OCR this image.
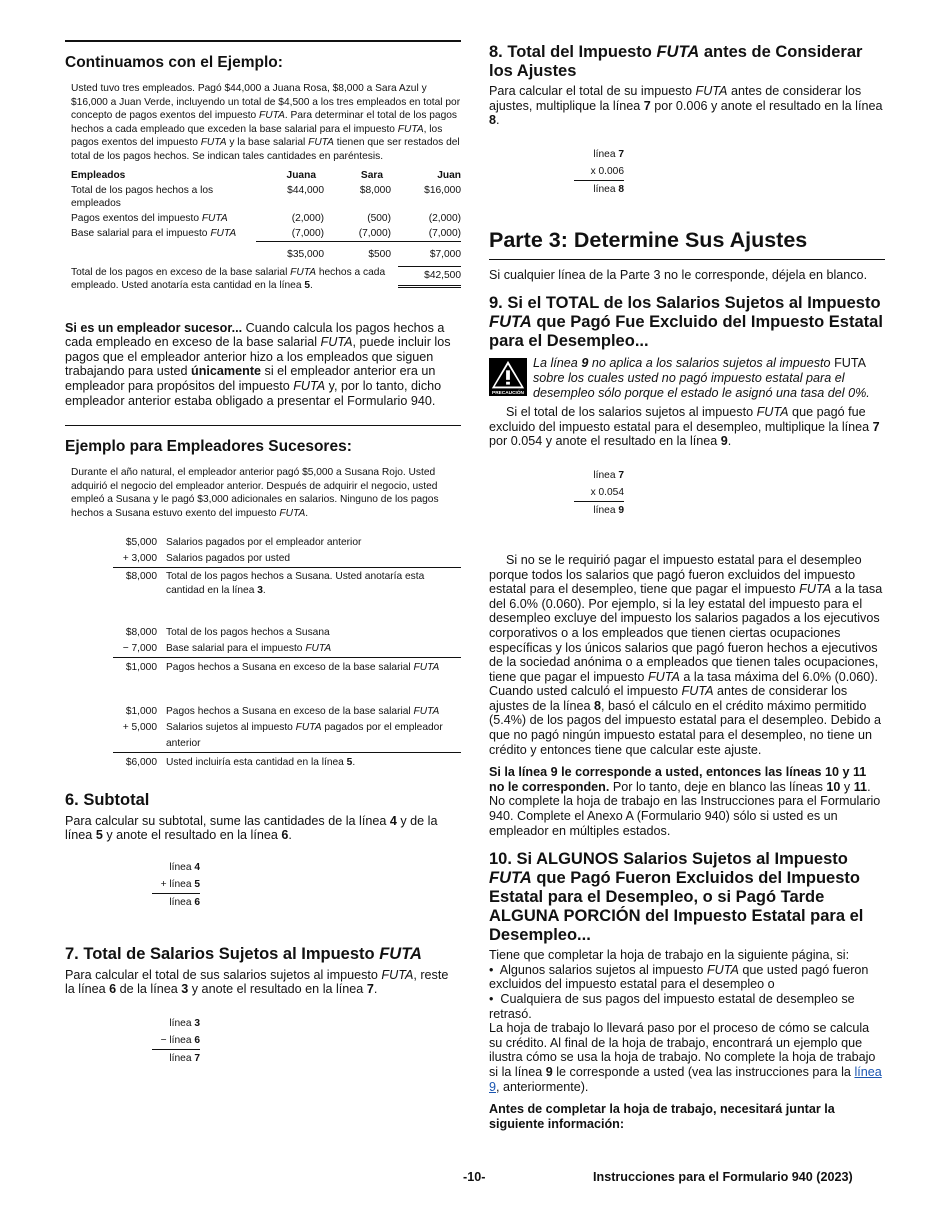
Continuamos con el Ejemplo:

Usted tuvo tres empleados. Pagó $44,000 a Juana Rosa, $8,000 a Sara Azul y $16,000 a Juan Verde, incluyendo un total de $4,500 a los tres empleados en total por concepto de pagos exentos del impuesto FUTA. Para determinar el total de los pagos hechos a cada empleado que exceden la base salarial para el impuesto FUTA, los pagos exentos del impuesto FUTA y la base salarial FUTA tienen que ser restados del total de los pagos hechos. Se indican tales cantidades en paréntesis.

Empleados	Juana	Sara	Juan
Total de los pagos hechos a los empleados	$44,000	$8,000	$16,000
Pagos exentos del impuesto FUTA	(2,000)	(500)	(2,000)
Base salarial para el impuesto FUTA	(7,000)	(7,000)	(7,000)
	$35,000	$500	$7,000
Total de los pagos en exceso de la base salarial FUTA hechos a cada empleado. Usted anotaría esta cantidad en la línea 5.			$42,500

Si es un empleador sucesor... Cuando calcula los pagos hechos a cada empleado en exceso de la base salarial FUTA, puede incluir los pagos que el empleador anterior hizo a los empleados que siguen trabajando para usted únicamente si el empleador anterior era un empleador para propósitos del impuesto FUTA y, por lo tanto, dicho empleador anterior estaba obligado a presentar el Formulario 940.

Ejemplo para Empleadores Sucesores:

Durante el año natural, el empleador anterior pagó $5,000 a Susana Rojo. Usted adquirió el negocio del empleador anterior. Después de adquirir el negocio, usted empleó a Susana y le pagó $3,000 adicionales en salarios. Ninguno de los pagos hechos a Susana estuvo exento del impuesto FUTA.

$5,000 Salarios pagados por el empleador anterior
+ 3,000 Salarios pagados por usted
$8,000 Total de los pagos hechos a Susana. Usted anotaría esta cantidad en la línea 3.
$8,000 Total de los pagos hechos a Susana
− 7,000 Base salarial para el impuesto FUTA
$1,000 Pagos hechos a Susana en exceso de la base salarial FUTA
$1,000 Pagos hechos a Susana en exceso de la base salarial FUTA
+ 5,000 Salarios sujetos al impuesto FUTA pagados por el empleador anterior
$6,000 Usted incluiría esta cantidad en la línea 5.

6. Subtotal

Para calcular su subtotal, sume las cantidades de la línea 4 y de la línea 5 y anote el resultado en la línea 6.

línea 4
+ línea 5
línea 6

7. Total de Salarios Sujetos al Impuesto FUTA

Para calcular el total de sus salarios sujetos al impuesto FUTA, reste la línea 6 de la línea 3 y anote el resultado en la línea 7.

línea 3
− línea 6
línea 7

8. Total del Impuesto FUTA antes de Considerar los Ajustes

Para calcular el total de su impuesto FUTA antes de considerar los ajustes, multiplique la línea 7 por 0.006 y anote el resultado en la línea 8.

línea 7
x 0.006
línea 8

Parte 3: Determine Sus Ajustes

Si cualquier línea de la Parte 3 no le corresponde, déjela en blanco.

9. Si el TOTAL de los Salarios Sujetos al Impuesto FUTA que Pagó Fue Excluido del Impuesto Estatal para el Desempleo...

PRECAUCIÓN

La línea 9 no aplica a los salarios sujetos al impuesto FUTA sobre los cuales usted no pagó impuesto estatal para el desempleo sólo porque el estado le asignó una tasa del 0%.

Si el total de los salarios sujetos al impuesto FUTA que pagó fue excluido del impuesto estatal para el desempleo, multiplique la línea 7 por 0.054 y anote el resultado en la línea 9.

línea 7
x 0.054
línea 9

Si no se le requirió pagar el impuesto estatal para el desempleo porque todos los salarios que pagó fueron excluidos del impuesto estatal para el desempleo, tiene que pagar el impuesto FUTA a la tasa del 6.0% (0.060). Por ejemplo, si la ley estatal del impuesto para el desempleo excluye del impuesto los salarios pagados a los ejecutivos corporativos o a los empleados que tienen ciertas ocupaciones específicas y los únicos salarios que pagó fueron hechos a ejecutivos de la sociedad anónima o a empleados que tienen tales ocupaciones, tiene que pagar el impuesto FUTA a la tasa máxima del 6.0% (0.060). Cuando usted calculó el impuesto FUTA antes de considerar los ajustes de la línea 8, basó el cálculo en el crédito máximo permitido (5.4%) de los pagos del impuesto estatal para el desempleo. Debido a que no pagó ningún impuesto estatal para el desempleo, no tiene un crédito y entonces tiene que calcular este ajuste.

Si la línea 9 le corresponde a usted, entonces las líneas 10 y 11 no le corresponden. Por lo tanto, deje en blanco las líneas 10 y 11. No complete la hoja de trabajo en las Instrucciones para el Formulario 940. Complete el Anexo A (Formulario 940) sólo si usted es un empleador en múltiples estados.

10. Si ALGUNOS Salarios Sujetos al Impuesto FUTA que Pagó Fueron Excluidos del Impuesto Estatal para el Desempleo, o si Pagó Tarde ALGUNA PORCIÓN del Impuesto Estatal para el Desempleo...

Tiene que completar la hoja de trabajo en la siguiente página, si:

•  Algunos salarios sujetos al impuesto FUTA que usted pagó fueron excluidos del impuesto estatal para el desempleo o

•  Cualquiera de sus pagos del impuesto estatal de desempleo se retrasó.

La hoja de trabajo lo llevará paso por el proceso de cómo se calcula su crédito. Al final de la hoja de trabajo, encontrará un ejemplo que ilustra cómo se usa la hoja de trabajo. No complete la hoja de trabajo si la línea 9 le corresponde a usted (vea las instrucciones para la línea 9, anteriormente).

Antes de completar la hoja de trabajo, necesitará juntar la siguiente información:

-10-	Instrucciones para el Formulario 940 (2023)
